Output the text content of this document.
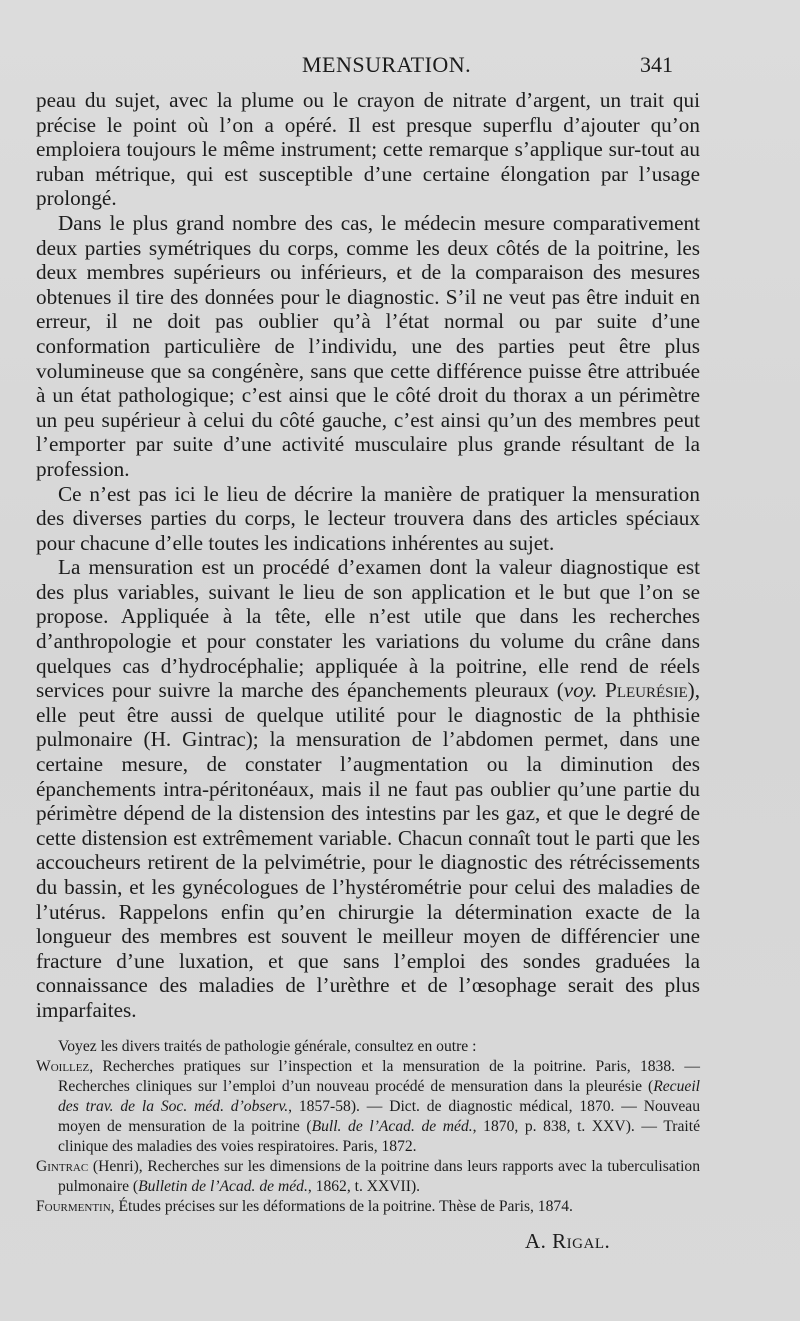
MENSURATION.	341

peau du sujet, avec la plume ou le crayon de nitrate d’argent, un trait qui précise le point où l’on a opéré. Il est presque superflu d’ajouter qu’on emploiera toujours le même instrument; cette remarque s’applique sur-tout au ruban métrique, qui est susceptible d’une certaine élongation par l’usage prolongé.

Dans le plus grand nombre des cas, le médecin mesure comparativement deux parties symétriques du corps, comme les deux côtés de la poitrine, les deux membres supérieurs ou inférieurs, et de la comparaison des mesures obtenues il tire des données pour le diagnostic. S’il ne veut pas être induit en erreur, il ne doit pas oublier qu’à l’état normal ou par suite d’une conformation particulière de l’individu, une des parties peut être plus volumineuse que sa congénère, sans que cette différence puisse être attribuée à un état pathologique; c’est ainsi que le côté droit du thorax a un périmètre un peu supérieur à celui du côté gauche, c’est ainsi qu’un des membres peut l’emporter par suite d’une activité musculaire plus grande résultant de la profession.

Ce n’est pas ici le lieu de décrire la manière de pratiquer la mensuration des diverses parties du corps, le lecteur trouvera dans des articles spéciaux pour chacune d’elle toutes les indications inhérentes au sujet.

La mensuration est un procédé d’examen dont la valeur diagnostique est des plus variables, suivant le lieu de son application et le but que l’on se propose. Appliquée à la tête, elle n’est utile que dans les recherches d’anthropologie et pour constater les variations du volume du crâne dans quelques cas d’hydrocéphalie; appliquée à la poitrine, elle rend de réels services pour suivre la marche des épanchements pleuraux (voy. Pleurésie), elle peut être aussi de quelque utilité pour le diagnostic de la phthisie pulmonaire (H. Gintrac); la mensuration de l’abdomen permet, dans une certaine mesure, de constater l’augmentation ou la diminution des épanchements intra-péritonéaux, mais il ne faut pas oublier qu’une partie du périmètre dépend de la distension des intestins par les gaz, et que le degré de cette distension est extrêmement variable. Chacun connaît tout le parti que les accoucheurs retirent de la pelvimétrie, pour le diagnostic des rétrécissements du bassin, et les gynécologues de l’hystérométrie pour celui des maladies de l’utérus. Rappelons enfin qu’en chirurgie la détermination exacte de la longueur des membres est souvent le meilleur moyen de différencier une fracture d’une luxation, et que sans l’emploi des sondes graduées la connaissance des maladies de l’urèthre et de l’œsophage serait des plus imparfaites.

Voyez les divers traités de pathologie générale, consultez en outre :

Woillez, Recherches pratiques sur l’inspection et la mensuration de la poitrine. Paris, 1838. — Recherches cliniques sur l’emploi d’un nouveau procédé de mensuration dans la pleurésie (Recueil des trav. de la Soc. méd. d’observ., 1857-58). — Dict. de diagnostic médical, 1870. — Nouveau moyen de mensuration de la poitrine (Bull. de l’Acad. de méd., 1870, p. 838, t. XXV). — Traité clinique des maladies des voies respiratoires. Paris, 1872.

Gintrac (Henri), Recherches sur les dimensions de la poitrine dans leurs rapports avec la tuberculisation pulmonaire (Bulletin de l’Acad. de méd., 1862, t. XXVII).

Fourmentin, Études précises sur les déformations de la poitrine. Thèse de Paris, 1874.

A. Rigal.
